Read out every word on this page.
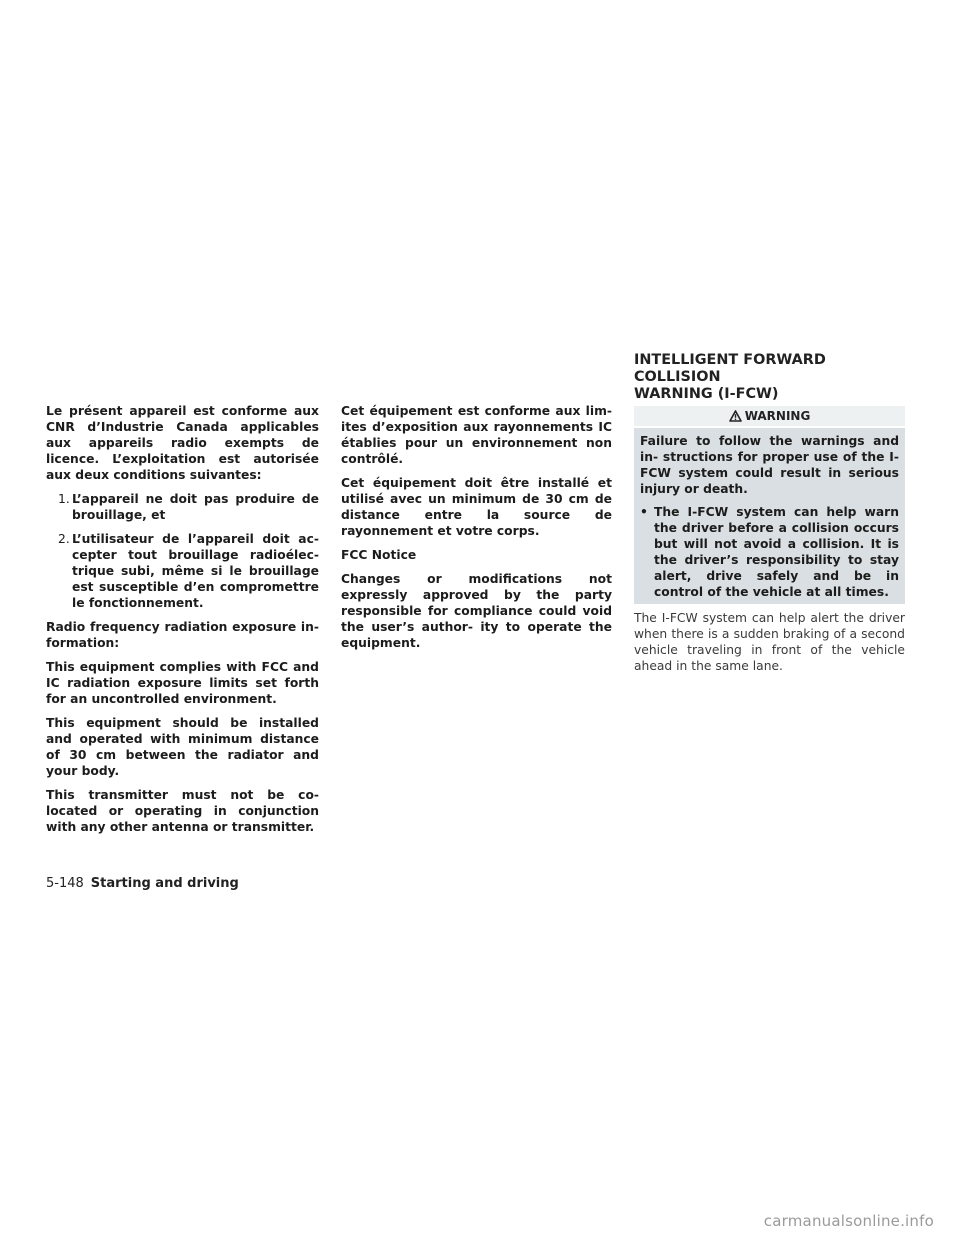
Le présent appareil est conforme aux CNR d’Industrie Canada applicables aux appareils radio exempts de licence. L’exploitation est autorisée aux deux conditions suivantes:

1. L’appareil ne doit pas produire de brouillage, et
2. L’utilisateur de l’appareil doit ac- cepter tout brouillage radioélec- trique subi, même si le brouillage est susceptible d’en compromettre le fonctionnement.

Radio frequency radiation exposure in- formation:

This equipment complies with FCC and IC radiation exposure limits set forth for an uncontrolled environment.

This equipment should be installed and operated with minimum distance of 30 cm between the radiator and your body.

This transmitter must not be co-located or operating in conjunction with any other antenna or transmitter.

Cet équipement est conforme aux lim- ites d’exposition aux rayonnements IC établies pour un environnement non contrôlé.

Cet équipement doit être installé et utilisé avec un minimum de 30 cm de distance entre la source de rayonnement et votre corps.

FCC Notice

Changes or modifications not expressly approved by the party responsible for compliance could void the user’s author- ity to operate the equipment.

INTELLIGENT FORWARD COLLISION
WARNING (I-FCW)
WARNING

Failure to follow the warnings and in- structions for proper use of the I-FCW system could result in serious injury or death.

• The I-FCW system can help warn the driver before a collision occurs but will not avoid a collision. It is the driver’s responsibility to stay alert, drive safely and be in control of the vehicle at all times.

The I-FCW system can help alert the driver when there is a sudden braking of a second vehicle traveling in front of the vehicle ahead in the same lane.

5-148 Starting and driving
carmanualsonline.info
